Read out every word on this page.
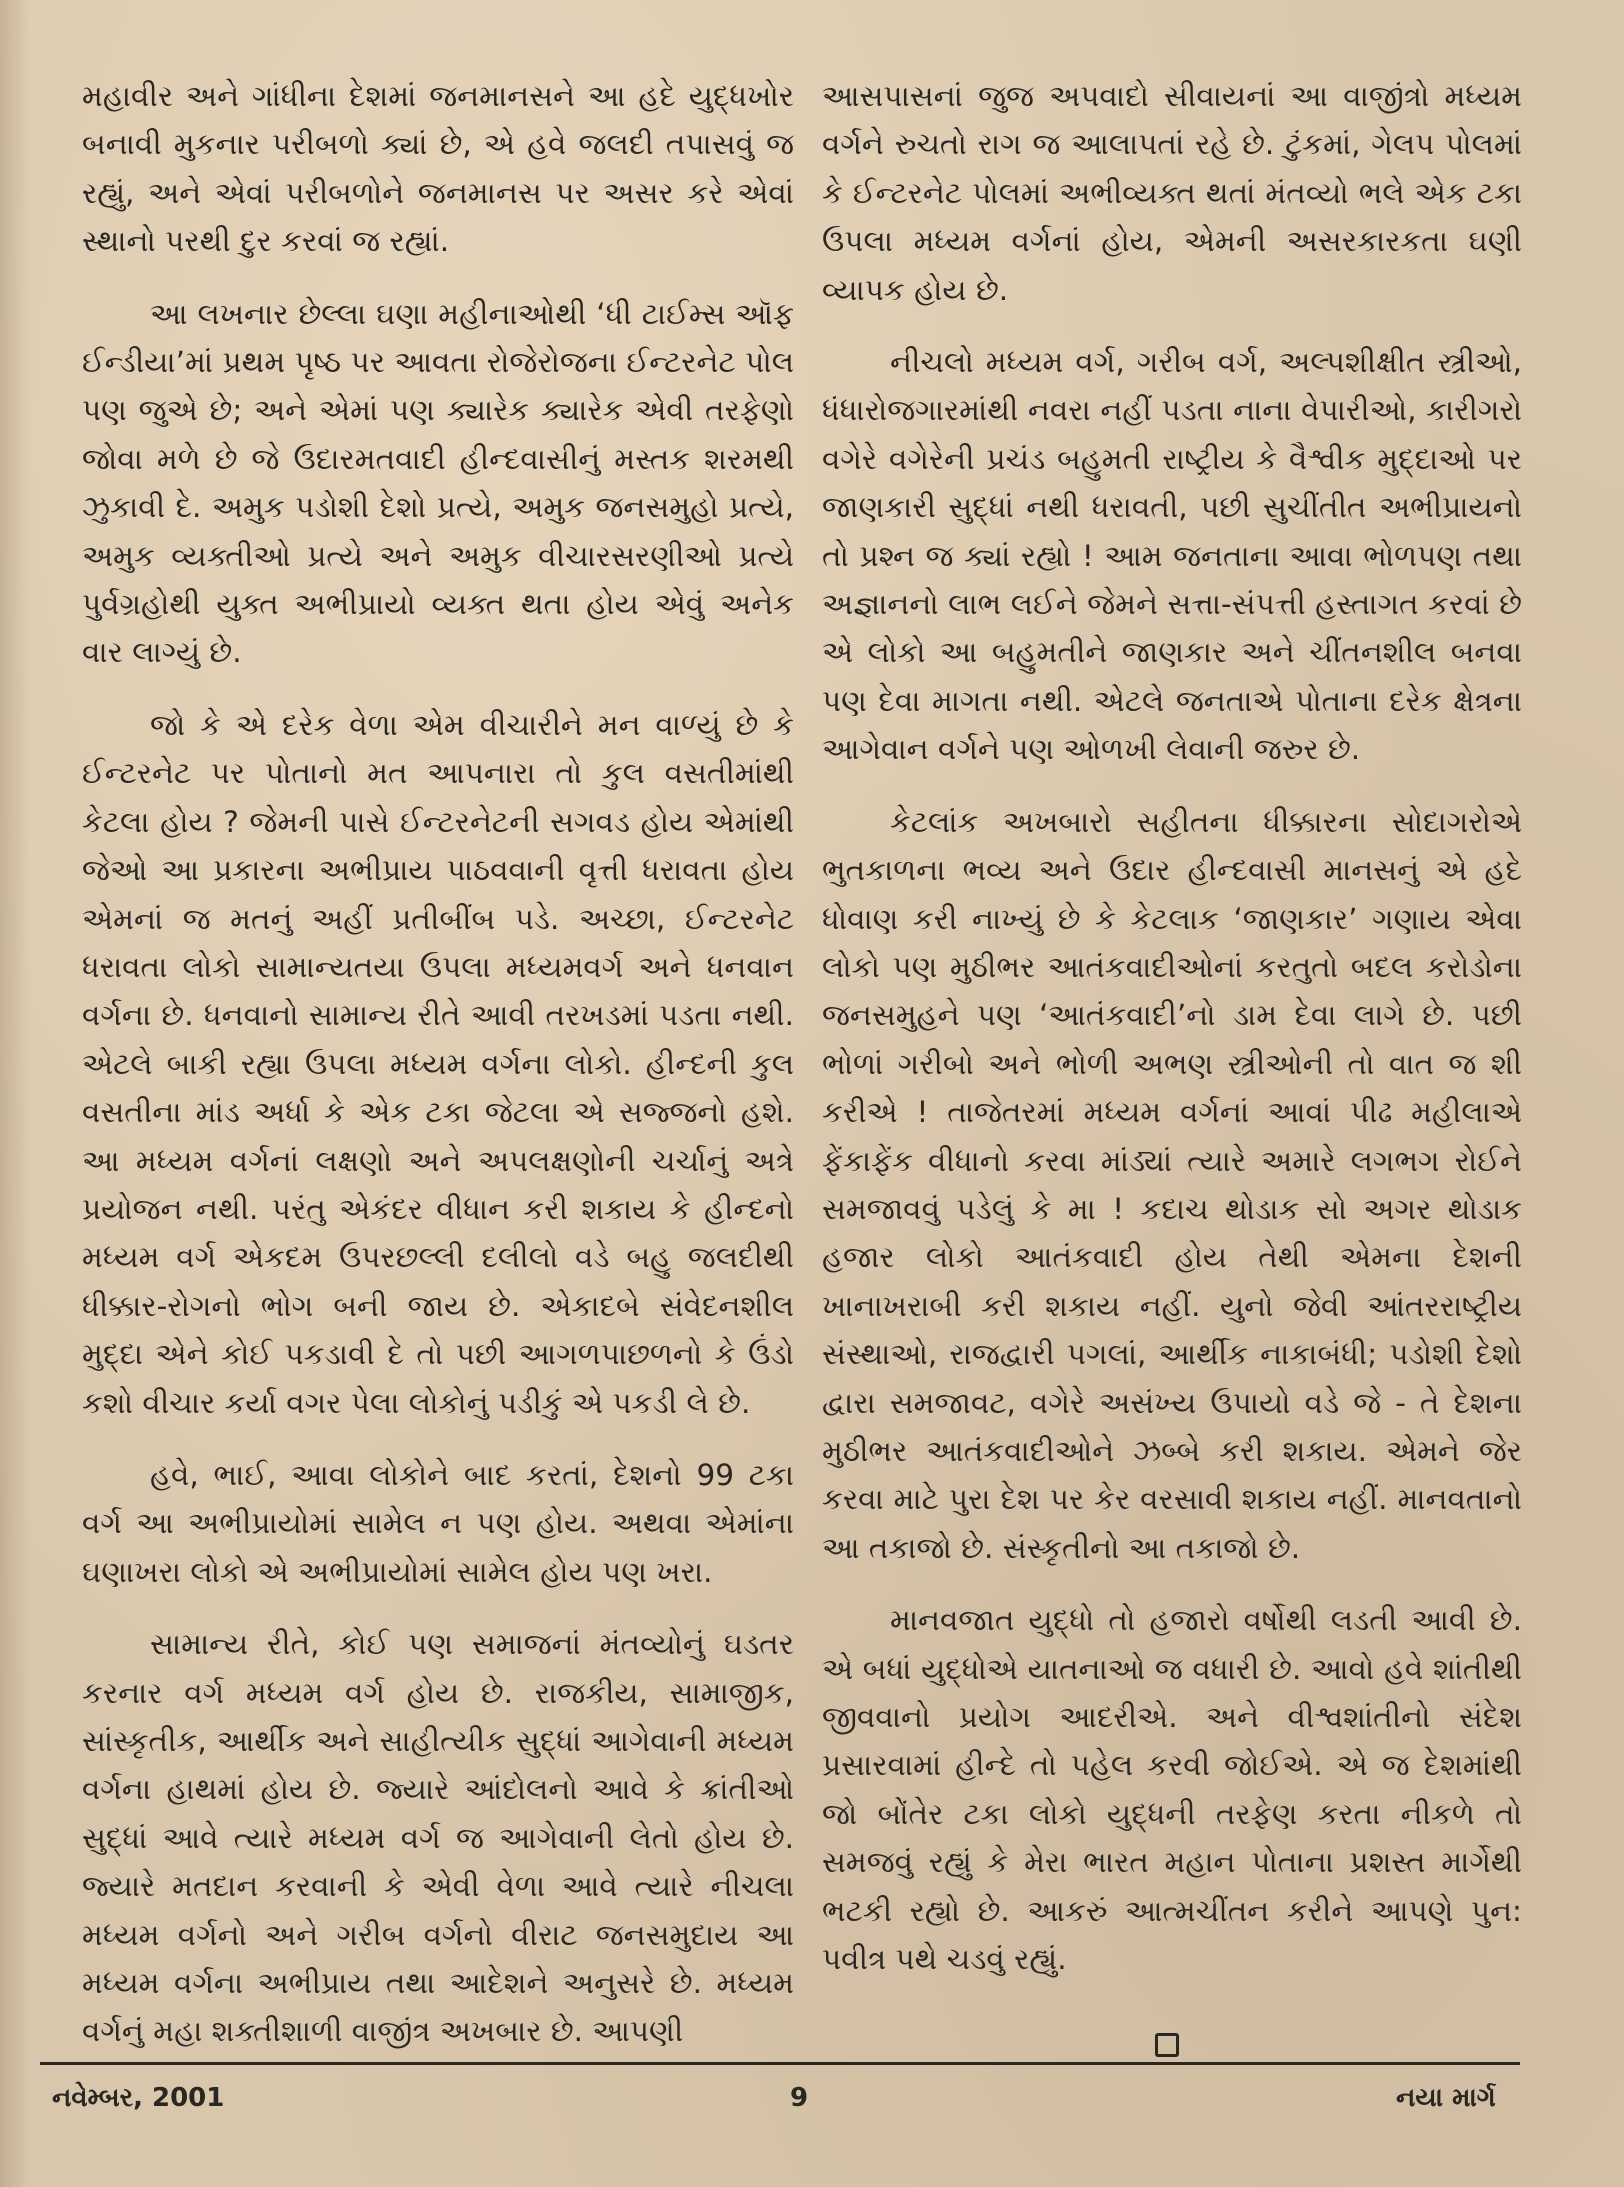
મહાવીર અને ગાંધીના દેશમાં જનમાનસને આ હદે યુદ્ધખોર બનાવી મુકનાર પરીબળો ક્યાં છે, એ હવે જલદી તપાસવું જ રહ્યું, અને એવાં પરીબળોને જનમાનસ પર અસર કરે એવાં સ્થાનો પરથી દુર કરવાં જ રહ્યાં.

આ લખનાર છેલ્લા ઘણા મહીનાઓથી ‘ધી ટાઈમ્સ ઑફ ઈન્ડીયા’માં પ્રથમ પૃષ્ઠ પર આવતા રોજેરોજના ઈન્ટરનેટ પોલ પણ જુએ છે; અને એમાં પણ ક્યારેક ક્યારેક એવી તરફેણો જોવા મળે છે જે ઉદારમતવાદી હીન્દવાસીનું મસ્તક શરમથી ઝુકાવી દે. અમુક પડોશી દેશો પ્રત્યે, અમુક જનસમુહો પ્રત્યે, અમુક વ્યક્તીઓ પ્રત્યે અને અમુક વીચારસરણીઓ પ્રત્યે પુર્વગ્રહોથી યુક્ત અભીપ્રાયો વ્યક્ત થતા હોય એવું અનેક વાર લાગ્યું છે.

જો કે એ દરેક વેળા એમ વીચારીને મન વાળ્યું છે કે ઈન્ટરનેટ પર પોતાનો મત આપનારા તો કુલ વસતીમાંથી કેટલા હોય ? જેમની પાસે ઈન્ટરનેટની સગવડ હોય એમાંથી જેઓ આ પ્રકારના અભીપ્રાય પાઠવવાની વૃત્તી ધરાવતા હોય એમનાં જ મતનું અહીં પ્રતીબીંબ પડે. અચ્છા, ઈન્ટરનેટ ધરાવતા લોકો સામાન્યતયા ઉપલા મધ્યમવર્ગ અને ધનવાન વર્ગના છે. ધનવાનો સામાન્ય રીતે આવી તરખડમાં પડતા નથી. એટલે બાકી રહ્યા ઉપલા મધ્યમ વર્ગના લોકો. હીન્દની કુલ વસતીના માંડ અર્ધા કે એક ટકા જેટલા એ સજ્જનો હશે. આ મધ્યમ વર્ગનાં લક્ષણો અને અપલક્ષણોની ચર્ચાનું અત્રે પ્રયોજન નથી. પરંતુ એકંદર વીધાન કરી શકાય કે હીન્દનો મધ્યમ વર્ગ એકદમ ઉપરછલ્લી દલીલો વડે બહુ જલદીથી ધીક્કાર-રોગનો ભોગ બની જાય છે. એકાદબે સંવેદનશીલ મુદ્દા એને કોઈ પકડાવી દે તો પછી આગળપાછળનો કે ઉંડો કશો વીચાર કર્યા વગર પેલા લોકોનું પડીકું એ પકડી લે છે.

હવે, ભાઈ, આવા લોકોને બાદ કરતાં, દેશનો 99 ટકા વર્ગ આ અભીપ્રાયોમાં સામેલ ન પણ હોય. અથવા એમાંના ઘણાખરા લોકો એ અભીપ્રાયોમાં સામેલ હોય પણ ખરા.

સામાન્ય રીતે, કોઈ પણ સમાજનાં મંતવ્યોનું ઘડતર કરનાર વર્ગ મધ્યમ વર્ગ હોય છે. રાજકીય, સામાજીક, સાંસ્કૃતીક, આર્થીક અને સાહીત્યીક સુદ્ધાં આગેવાની મધ્યમ વર્ગના હાથમાં હોય છે. જ્યારે આંદોલનો આવે કે ક્રાંતીઓ સુદ્ધાં આવે ત્યારે મધ્યમ વર્ગ જ આગેવાની લેતો હોય છે. જ્યારે મતદાન કરવાની કે એવી વેળા આવે ત્યારે નીચલા મધ્યમ વર્ગનો અને ગરીબ વર્ગનો વીરાટ જનસમુદાય આ મધ્યમ વર્ગના અભીપ્રાય તથા આદેશને અનુસરે છે. મધ્યમ વર્ગનું મહા શક્તીશાળી વાજીંત્ર અખબાર છે. આપણી

આસપાસનાં જુજ અપવાદો સીવાયનાં આ વાજીંત્રો મધ્યમ વર્ગને રુચતો રાગ જ આલાપતાં રહે છે. ટુંકમાં, ગેલપ પોલમાં કે ઈન્ટરનેટ પોલમાં અભીવ્યક્ત થતાં મંતવ્યો ભલે એક ટકા ઉપલા મધ્યમ વર્ગનાં હોય, એમની અસરકારકતા ઘણી વ્યાપક હોય છે.

નીચલો મધ્યમ વર્ગ, ગરીબ વર્ગ, અલ્પશીક્ષીત સ્ત્રીઓ, ધંધારોજગારમાંથી નવરા નહીં પડતા નાના વેપારીઓ, કારીગરો વગેરે વગેરેની પ્રચંડ બહુમતી રાષ્ટ્રીય કે વૈશ્વીક મુદ્દાઓ પર જાણકારી સુદ્ધાં નથી ધરાવતી, પછી સુચીંતીત અભીપ્રાયનો તો પ્રશ્ન જ ક્યાં રહ્યો ! આમ જનતાના આવા ભોળપણ તથા અજ્ઞાનનો લાભ લઈને જેમને સત્તા-સંપત્તી હસ્તાગત કરવાં છે એ લોકો આ બહુમતીને જાણકાર અને ચીંતનશીલ બનવા પણ દેવા માગતા નથી. એટલે જનતાએ પોતાના દરેક ક્ષેત્રના આગેવાન વર્ગને પણ ઓળખી લેવાની જરુર છે.

કેટલાંક અખબારો સહીતના ધીક્કારના સોદાગરોએ ભુતકાળના ભવ્ય અને ઉદાર હીન્દવાસી માનસનું એ હદે ધોવાણ કરી નાખ્યું છે કે કેટલાક ‘જાણકાર’ ગણાય એવા લોકો પણ મુઠીભર આતંકવાદીઓનાં કરતુતો બદલ કરોડોના જનસમુહને પણ ‘આતંકવાદી’નો ડામ દેવા લાગે છે. પછી ભોળાં ગરીબો અને ભોળી અભણ સ્ત્રીઓની તો વાત જ શી કરીએ ! તાજેતરમાં મધ્યમ વર્ગનાં આવાં પીઢ મહીલાએ ફેંકાફેંક વીધાનો કરવા માંડ્યાં ત્યારે અમારે લગભગ રોઈને સમજાવવું પડેલું કે મા ! કદાચ થોડાક સો અગર થોડાક હજાર લોકો આતંકવાદી હોય તેથી એમના દેશની ખાનાખરાબી કરી શકાય નહીં. યુનો જેવી આંતરરાષ્ટ્રીય સંસ્થાઓ, રાજદ્વારી પગલાં, આર્થીક નાકાબંધી; પડોશી દેશો દ્વારા સમજાવટ, વગેરે અસંખ્ય ઉપાયો વડે જે - તે દેશના મુઠીભર આતંકવાદીઓને ઝબ્બે કરી શકાય. એમને જેર કરવા માટે પુરા દેશ પર કેર વરસાવી શકાય નહીં. માનવતાનો આ તકાજો છે. સંસ્કૃતીનો આ તકાજો છે.

માનવજાત યુદ્ધો તો હજારો વર્ષોથી લડતી આવી છે. એ બધાં યુદ્ધોએ યાતનાઓ જ વધારી છે. આવો હવે શાંતીથી જીવવાનો પ્રયોગ આદરીએ. અને વીશ્વશાંતીનો સંદેશ પ્રસારવામાં હીન્દે તો પહેલ કરવી જોઈએ. એ જ દેશમાંથી જો બોંતેર ટકા લોકો યુદ્ધની તરફેણ કરતા નીકળે તો સમજવું રહ્યું કે મેરા ભારત મહાન પોતાના પ્રશસ્ત માર્ગેથી ભટકી રહ્યો છે. આકરું આત્મચીંતન કરીને આપણે પુન: પવીત્ર પથે ચડવું રહ્યું.

નવેમ્બર, 2001	9	નયા માર્ગ
